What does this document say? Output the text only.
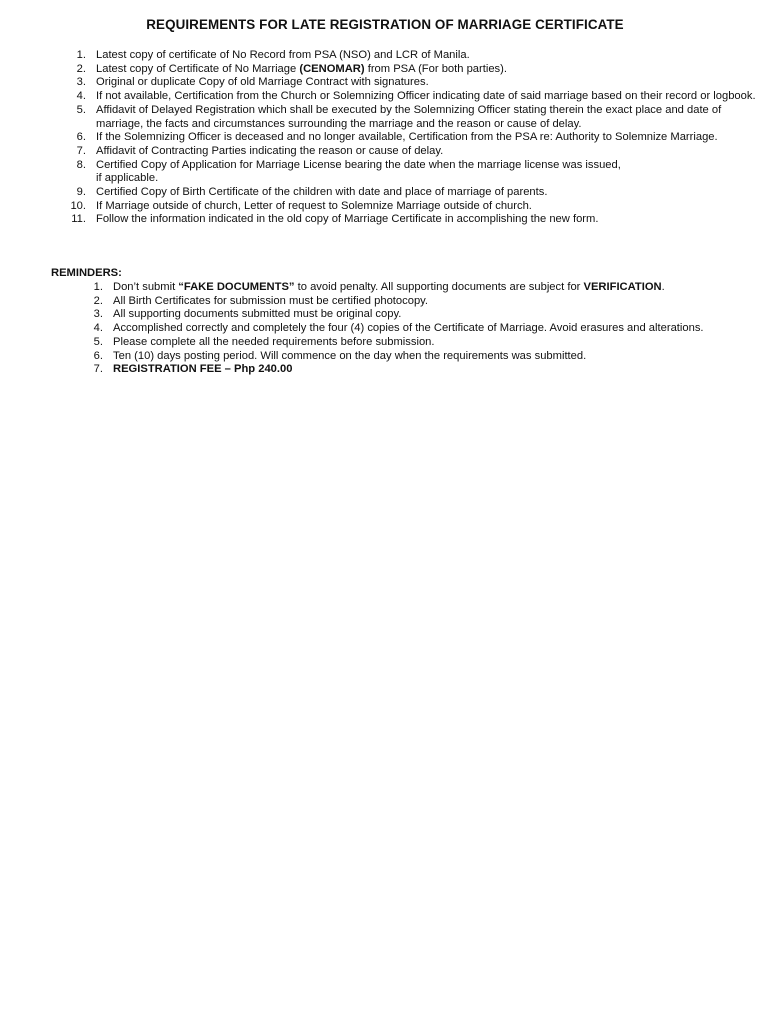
REQUIREMENTS FOR LATE REGISTRATION OF MARRIAGE CERTIFICATE
1. Latest copy of certificate of No Record from PSA (NSO) and LCR of Manila.
2. Latest copy of Certificate of No Marriage (CENOMAR) from PSA (For both parties).
3. Original or duplicate Copy of old Marriage Contract with signatures.
4. If not available, Certification from the Church or Solemnizing Officer indicating date of said marriage based on their record or logbook.
5. Affidavit of Delayed Registration which shall be executed by the Solemnizing Officer stating therein the exact place and date of marriage, the facts and circumstances surrounding the marriage and the reason or cause of delay.
6. If the Solemnizing Officer is deceased and no longer available, Certification from the PSA re: Authority to Solemnize Marriage.
7. Affidavit of Contracting Parties indicating the reason or cause of delay.
8. Certified Copy of Application for Marriage License bearing the date when the marriage license was issued,
if applicable.
9. Certified Copy of Birth Certificate of the children with date and place of marriage of parents.
10. If Marriage outside of church, Letter of request to Solemnize Marriage outside of church.
11. Follow the information indicated in the old copy of Marriage Certificate in accomplishing the new form.

REMINDERS:

1. Don’t submit “FAKE DOCUMENTS” to avoid penalty. All supporting documents are subject for VERIFICATION.
2. All Birth Certificates for submission must be certified photocopy.
3. All supporting documents submitted must be original copy.
4. Accomplished correctly and completely the four (4) copies of the Certificate of Marriage. Avoid erasures and alterations.
5. Please complete all the needed requirements before submission.
6. Ten (10) days posting period. Will commence on the day when the requirements was submitted.
7. REGISTRATION FEE – Php 240.00
